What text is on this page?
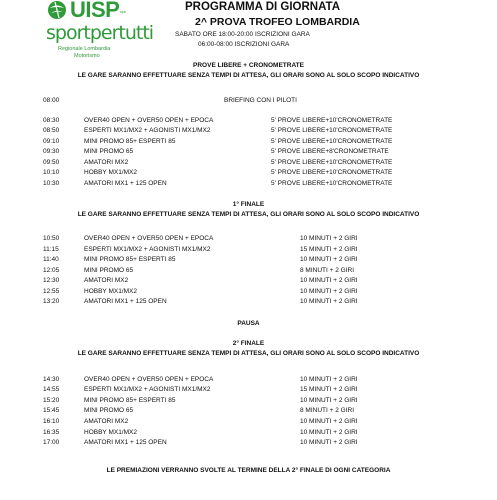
UISP spa
sportpertutti
Regionale Lombardia
Motorismo
PROGRAMMA DI GIORNATA
2^ PROVA TROFEO LOMBARDIA
SABATO ORE 18:00-20:00 ISCRIZIONI GARA
06:00-08:00 ISCRIZIONI GARA
PROVE LIBERE + CRONOMETRATE
LE GARE SARANNO EFFETTUARE SENZA TEMPI DI ATTESA, GLI ORARI SONO AL SOLO SCOPO INDICATIVO
08:00	BRIEFING CON I PILOTI
08:30	OVER40 OPEN + OVER50 OPEN + EPOCA	5' PROVE LIBERE+10'CRONOMETRATE
08:50	ESPERTI MX1/MX2 + AGONISTI MX1/MX2	5' PROVE LIBERE+10'CRONOMETRATE
09:10	MINI PROMO 85+ ESPERTI 85	5' PROVE LIBERE+10'CRONOMETRATE
09:30	MINI PROMO 65	5' PROVE LIBERE+8'CRONOMETRATE
09:50	AMATORI MX2	5' PROVE LIBERE+10'CRONOMETRATE
10:10	HOBBY MX1/MX2	5' PROVE LIBERE+10'CRONOMETRATE
10:30	AMATORI MX1 + 125 OPEN	5' PROVE LIBERE+10'CRONOMETRATE
1° FINALE
LE GARE SARANNO EFFETTUARE SENZA TEMPI DI ATTESA, GLI ORARI SONO AL SOLO SCOPO INDICATIVO
10:50	OVER40 OPEN + OVER50 OPEN + EPOCA	10 MINUTI + 2 GIRI
11:15	ESPERTI MX1/MX2 + AGONISTI MX1/MX2	15 MINUTI + 2 GIRI
11:40	MINI PROMO 85+ ESPERTI 85	10 MINUTI + 2 GIRI
12:05	MINI PROMO 65	8 MINUTI + 2 GIRI
12:30	AMATORI MX2	10 MINUTI + 2 GIRI
12:55	HOBBY MX1/MX2	10 MINUTI + 2 GIRI
13:20	AMATORI MX1 + 125 OPEN	10 MINUTI + 2 GIRI
PAUSA
2° FINALE
LE GARE SARANNO EFFETTUARE SENZA TEMPI DI ATTESA, GLI ORARI SONO AL SOLO SCOPO INDICATIVO
14:30	OVER40 OPEN + OVER50 OPEN + EPOCA	10 MINUTI + 2 GIRI
14:55	ESPERTI MX1/MX2 + AGONISTI MX1/MX2	15 MINUTI + 2 GIRI
15:20	MINI PROMO 85+ ESPERTI 85	10 MINUTI + 2 GIRI
15:45	MINI PROMO 65	8 MINUTI + 2 GIRI
16:10	AMATORI MX2	10 MINUTI + 2 GIRI
16:35	HOBBY MX1/MX2	10 MINUTI + 2 GIRI
17:00	AMATORI MX1 + 125 OPEN	10 MINUTI + 2 GIRI
LE PREMIAZIONI VERRANNO SVOLTE AL TERMINE DELLA 2° FINALE DI OGNI CATEGORIA
